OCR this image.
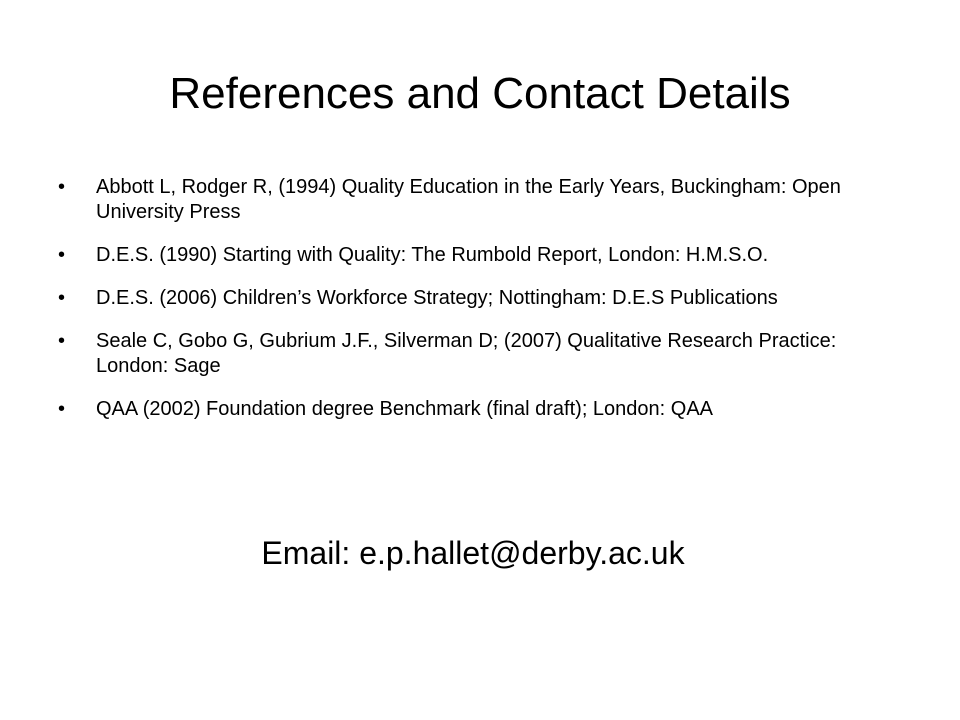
References and Contact Details
•	Abbott L, Rodger R, (1994) Quality Education in the Early Years, Buckingham: Open University Press
•	D.E.S. (1990) Starting with Quality: The Rumbold Report, London: H.M.S.O.
•	D.E.S. (2006) Children’s Workforce Strategy; Nottingham: D.E.S Publications
•	Seale C, Gobo G, Gubrium J.F., Silverman D; (2007) Qualitative Research Practice: London: Sage
•	QAA (2002) Foundation degree Benchmark (final draft); London: QAA
Email: e.p.hallet@derby.ac.uk
